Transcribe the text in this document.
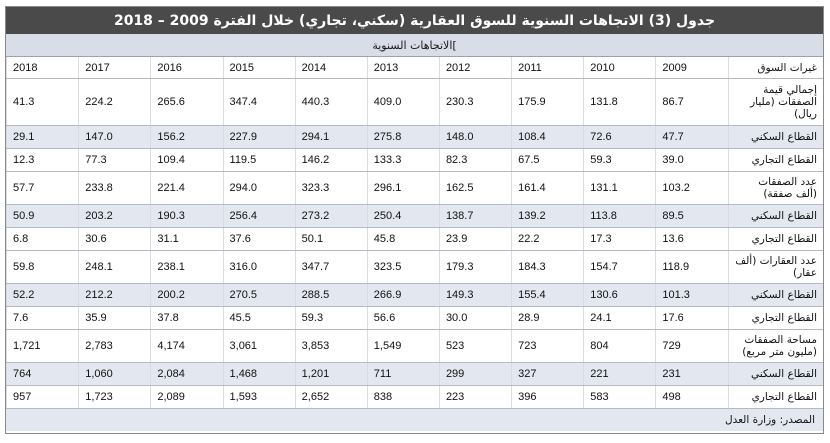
جدول (3) الاتجاهات السنوية للسوق العقارية (سكني، تجاري) خلال الفترة 2009 – 2018
]الاتجاهات السنوية
غيرات السوق	2009	2010	2011	2012	2013	2014	2015	2016	2017	2018
إجمالي قيمة الصفقات (مليار ريال)	86.7	131.8	175.9	230.3	409.0	440.3	347.4	265.6	224.2	41.3
القطاع السكني	47.7	72.6	108.4	148.0	275.8	294.1	227.9	156.2	147.0	29.1
القطاع التجاري	39.0	59.3	67.5	82.3	133.3	146.2	119.5	109.4	77.3	12.3
عدد الصفقات (ألف صفقة)	103.2	131.1	161.4	162.5	296.1	323.3	294.0	221.4	233.8	57.7
القطاع السكني	89.5	113.8	139.2	138.7	250.4	273.2	256.4	190.3	203.2	50.9
القطاع التجاري	13.6	17.3	22.2	23.9	45.8	50.1	37.6	31.1	30.6	6.8
عدد العقارات (ألف عقار)	118.9	154.7	184.3	179.3	323.5	347.7	316.0	238.1	248.1	59.8
القطاع السكني	101.3	130.6	155.4	149.3	266.9	288.5	270.5	200.2	212.2	52.2
القطاع التجاري	17.6	24.1	28.9	30.0	56.6	59.3	45.5	37.8	35.9	7.6
مساحة الصفقات (مليون متر مربع)	729	804	723	523	1,549	3,853	3,061	4,174	2,783	1,721
القطاع السكني	231	221	327	299	711	1,201	1,468	2,084	1,060	764
القطاع التجاري	498	583	396	223	838	2,652	1,593	2,089	1,723	957
المصدر: وزارة العدل
